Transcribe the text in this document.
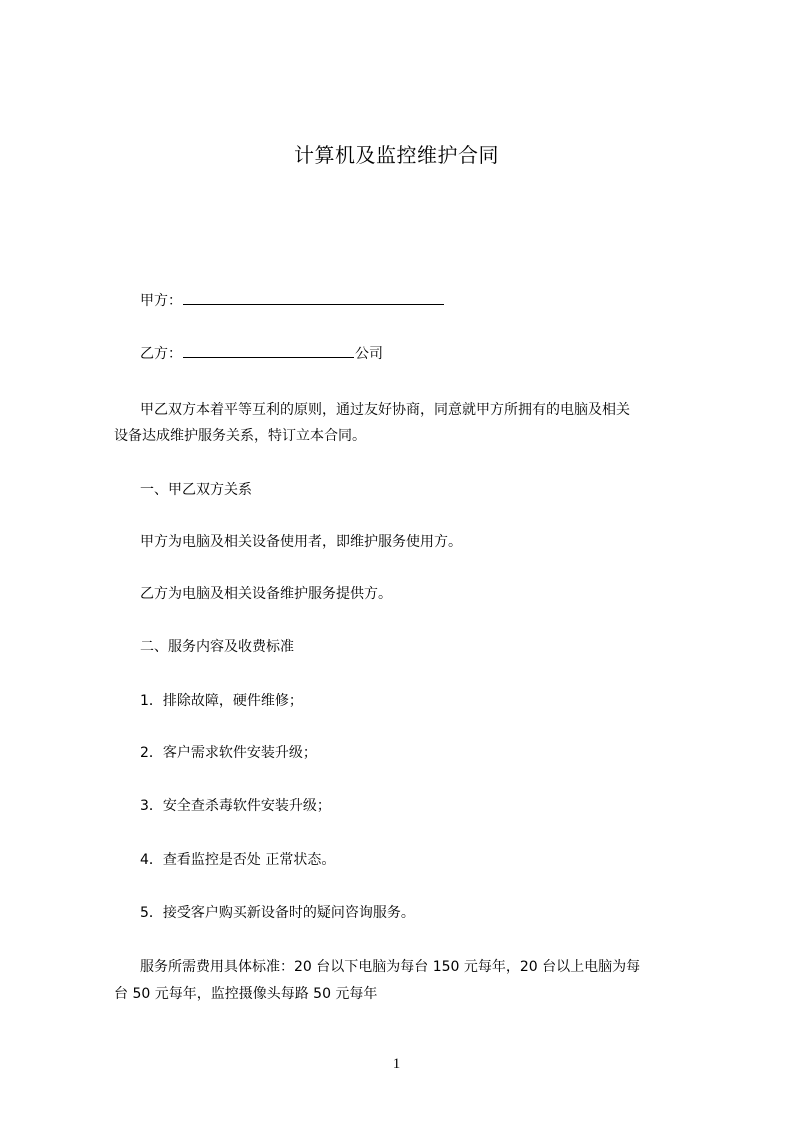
计算机及监控维护合同
甲方：
乙方：	公司
甲乙双方本着平等互利的原则，通过友好协商，同意就甲方所拥有的电脑及相关
设备达成维护服务关系，特订立本合同。
一、甲乙双方关系
甲方为电脑及相关设备使用者，即维护服务使用方。
乙方为电脑及相关设备维护服务提供方。
二、服务内容及收费标准
1．排除故障，硬件维修；
2．客户需求软件安装升级；
3．安全查杀毒软件安装升级；
4．查看监控是否处 正常状态。
5．接受客户购买新设备时的疑问咨询服务。
服务所需费用具体标准：20 台以下电脑为每台 150 元每年，20 台以上电脑为每
台 50 元每年，监控摄像头每路 50 元每年
1
